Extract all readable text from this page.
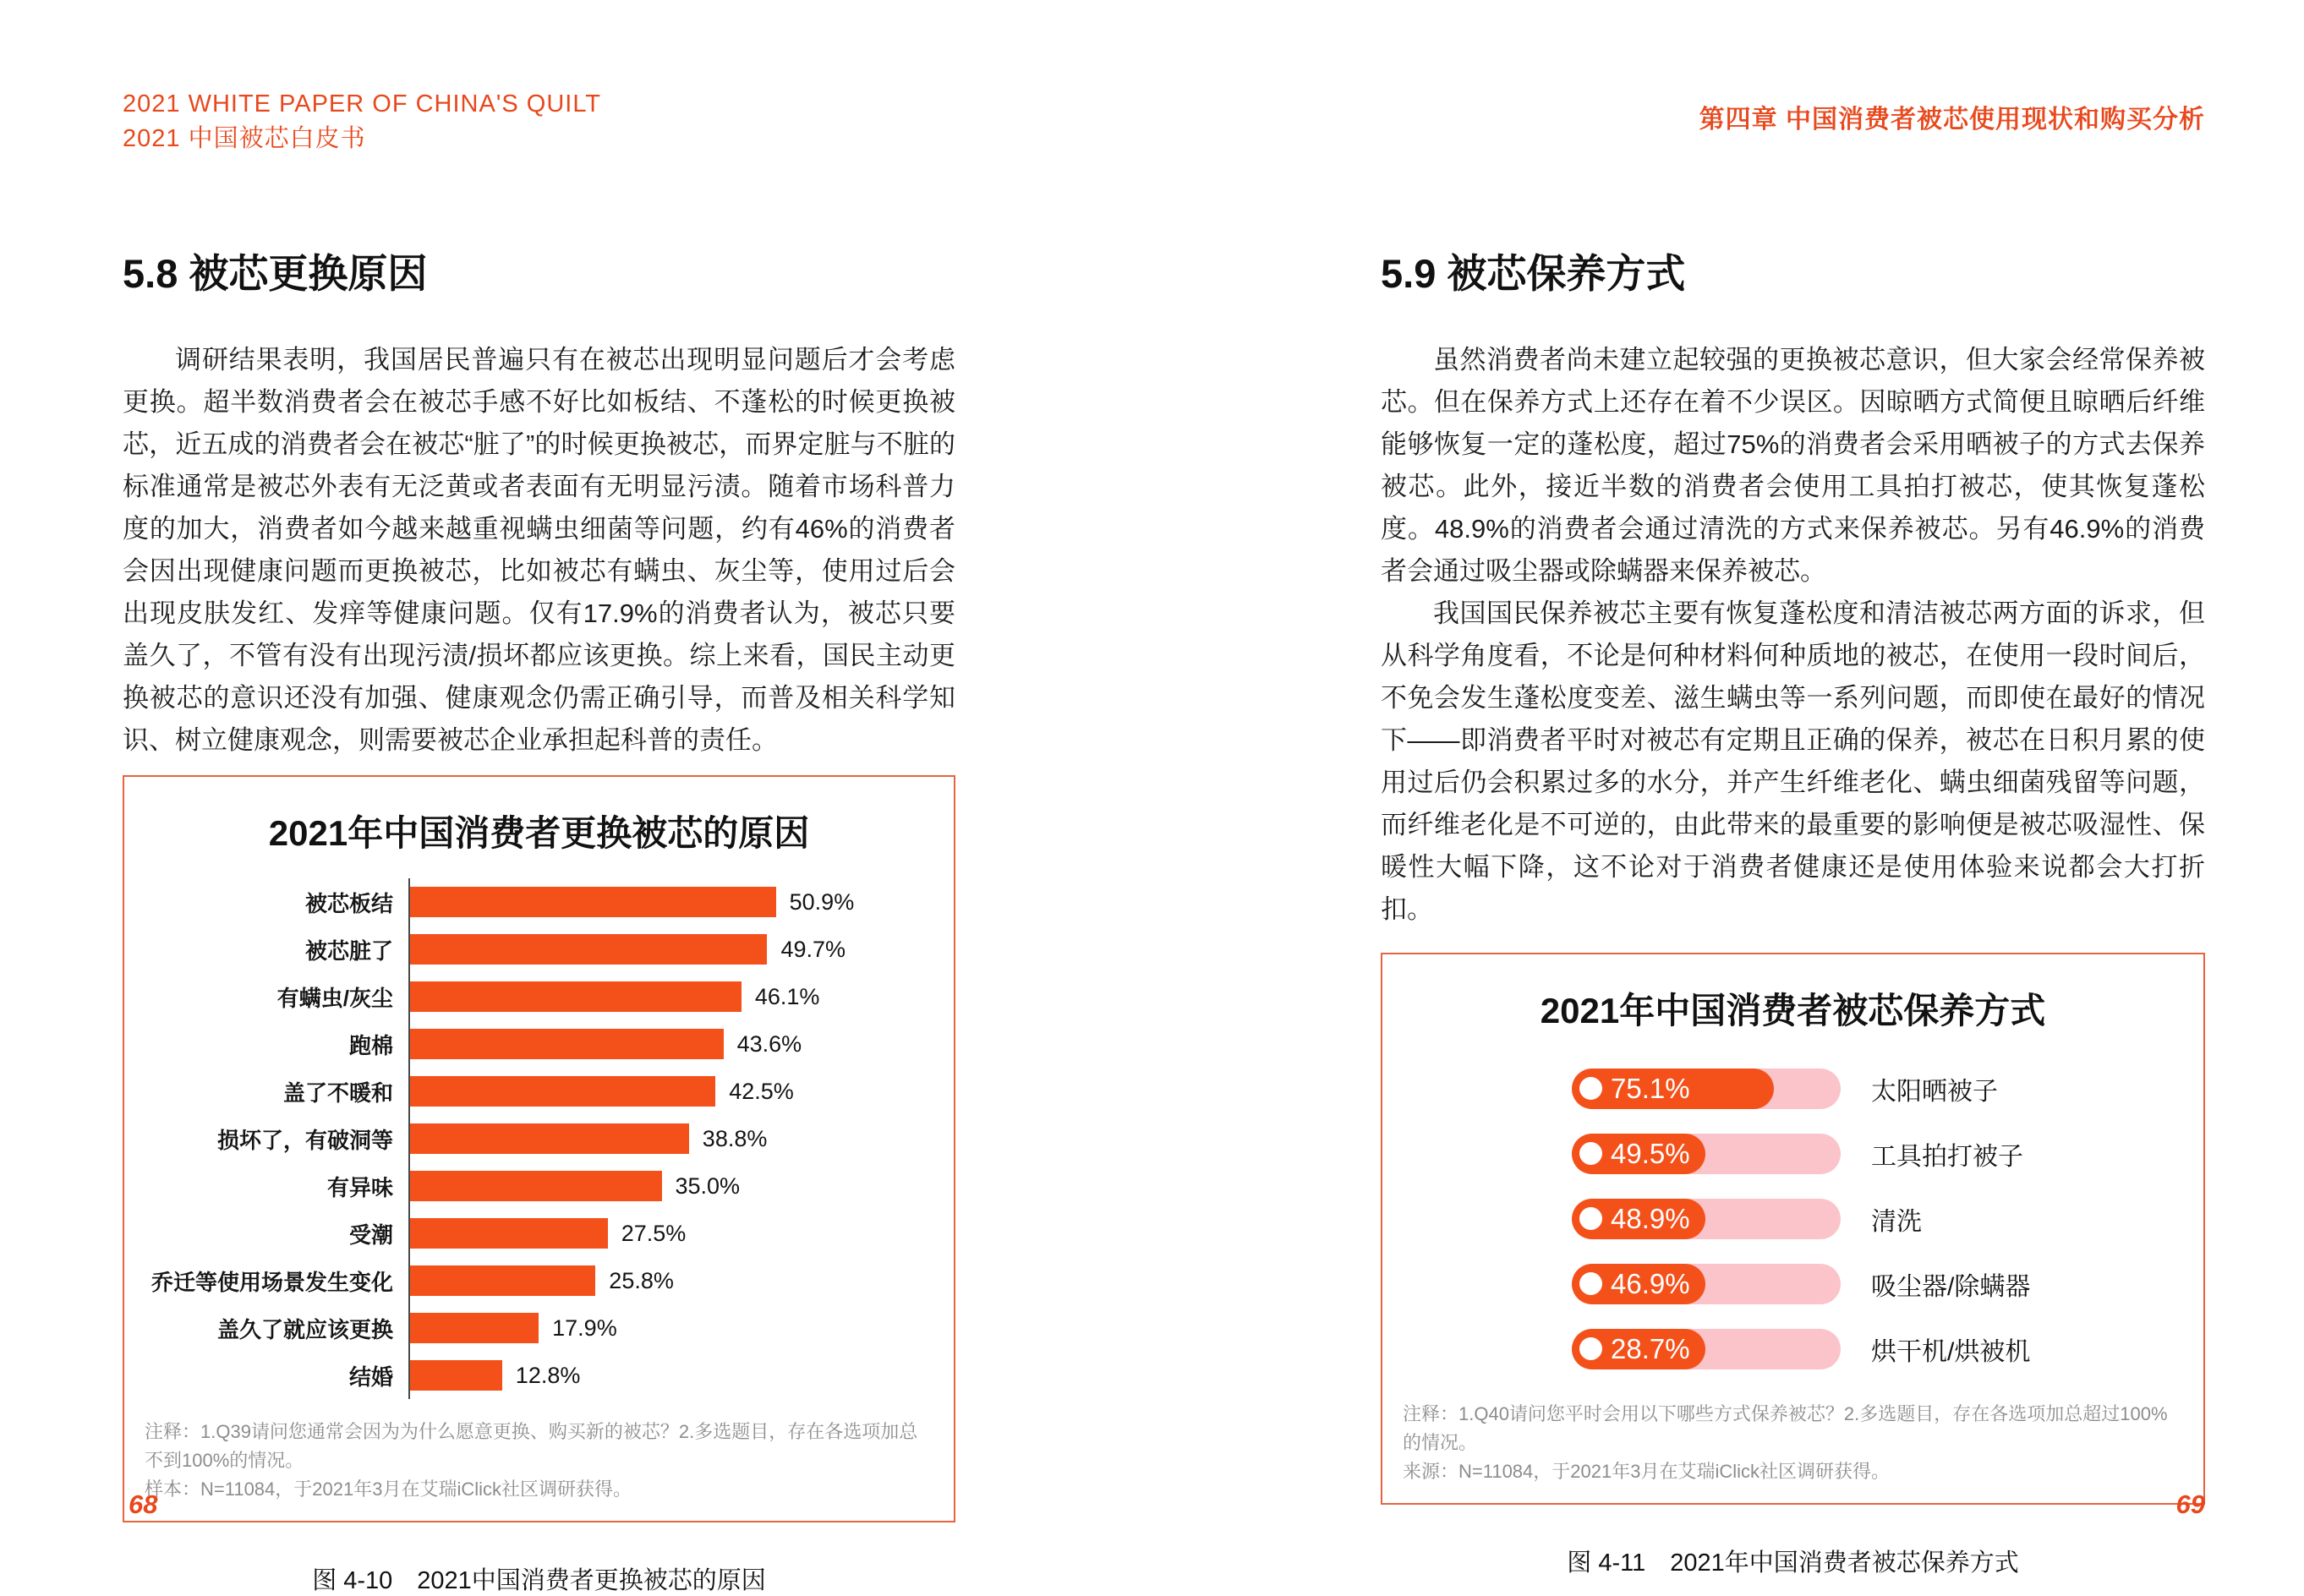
2021 WHITE PAPER OF CHINA'S QUILT
2021 中国被芯白皮书
第四章 中国消费者被芯使用现状和购买分析
5.8 被芯更换原因

调研结果表明，我国居民普遍只有在被芯出现明显问题后才会考虑更换。超半数消费者会在被芯手感不好比如板结、不蓬松的时候更换被芯，近五成的消费者会在被芯“脏了”的时候更换被芯，而界定脏与不脏的标准通常是被芯外表有无泛黄或者表面有无明显污渍。随着市场科普力度的加大，消费者如今越来越重视螨虫细菌等问题，约有46%的消费者会因出现健康问题而更换被芯，比如被芯有螨虫、灰尘等，使用过后会出现皮肤发红、发痒等健康问题。仅有17.9%的消费者认为，被芯只要盖久了，不管有没有出现污渍/损坏都应该更换。综上来看，国民主动更换被芯的意识还没有加强、健康观念仍需正确引导，而普及相关科学知识、树立健康观念，则需要被芯企业承担起科普的责任。

2021年中国消费者更换被芯的原因
被芯板结	50.9%
被芯脏了	49.7%
有螨虫/灰尘	46.1%
跑棉	43.6%
盖了不暖和	42.5%
损坏了，有破洞等	38.8%
有异味	35.0%
受潮	27.5%
乔迁等使用场景发生变化	25.8%
盖久了就应该更换	17.9%
结婚	12.8%
注释：1.Q39请问您通常会因为为什么愿意更换、购买新的被芯？2.多选题目，存在各选项加总不到100%的情况。
样本：N=11084，于2021年3月在艾瑞iClick社区调研获得。
图 4-10　2021中国消费者更换被芯的原因
5.9 被芯保养方式

虽然消费者尚未建立起较强的更换被芯意识，但大家会经常保养被芯。但在保养方式上还存在着不少误区。因晾晒方式简便且晾晒后纤维能够恢复一定的蓬松度，超过75%的消费者会采用晒被子的方式去保养被芯。此外，接近半数的消费者会使用工具拍打被芯，使其恢复蓬松度。48.9%的消费者会通过清洗的方式来保养被芯。另有46.9%的消费者会通过吸尘器或除螨器来保养被芯。

我国国民保养被芯主要有恢复蓬松度和清洁被芯两方面的诉求，但从科学角度看，不论是何种材料何种质地的被芯，在使用一段时间后，不免会发生蓬松度变差、滋生螨虫等一系列问题，而即使在最好的情况下——即消费者平时对被芯有定期且正确的保养，被芯在日积月累的使用过后仍会积累过多的水分，并产生纤维老化、螨虫细菌残留等问题，而纤维老化是不可逆的，由此带来的最重要的影响便是被芯吸湿性、保暖性大幅下降，这不论对于消费者健康还是使用体验来说都会大打折扣。

2021年中国消费者被芯保养方式
75.1%	太阳晒被子
49.5%	工具拍打被子
48.9%	清洗
46.9%	吸尘器/除螨器
28.7%	烘干机/烘被机
注释：1.Q40请问您平时会用以下哪些方式保养被芯？2.多选题目，存在各选项加总超过100%的情况。
来源：N=11084，于2021年3月在艾瑞iClick社区调研获得。
图 4-11　2021年中国消费者被芯保养方式
68	69
